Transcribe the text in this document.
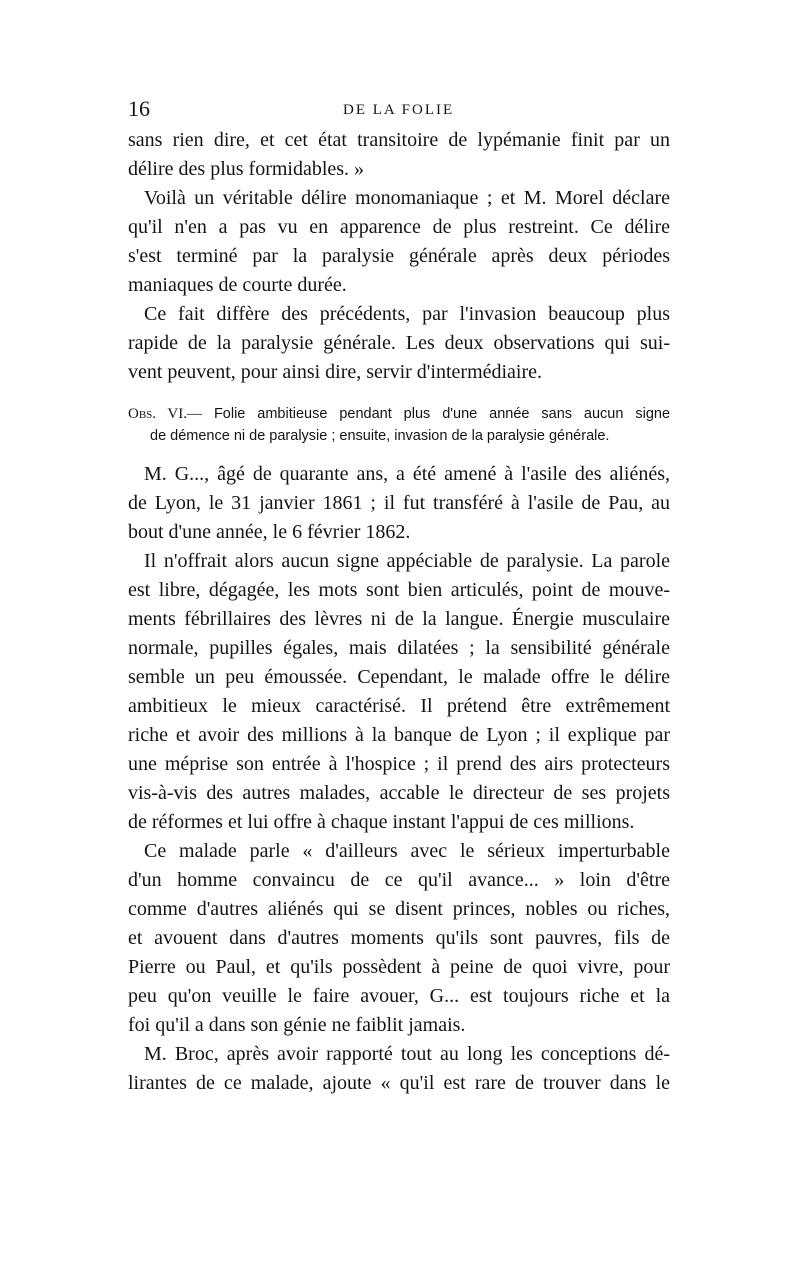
16	DE LA FOLIE
sans rien dire, et cet état transitoire de lypémanie finit par un
délire des plus formidables. »
Voilà un véritable délire monomaniaque ; et M. Morel déclare
qu'il n'en a pas vu en apparence de plus restreint. Ce délire
s'est terminé par la paralysie générale après deux périodes
maniaques de courte durée.
Ce fait diffère des précédents, par l'invasion beaucoup plus
rapide de la paralysie générale. Les deux observations qui sui-
vent peuvent, pour ainsi dire, servir d'intermédiaire.
Obs. VI.— Folie ambitieuse pendant plus d'une année sans aucun signe
de démence ni de paralysie ; ensuite, invasion de la paralysie générale.
M. G..., âgé de quarante ans, a été amené à l'asile des aliénés,
de Lyon, le 31 janvier 1861 ; il fut transféré à l'asile de Pau, au
bout d'une année, le 6 février 1862.
Il n'offrait alors aucun signe appéciable de paralysie. La parole
est libre, dégagée, les mots sont bien articulés, point de mouve-
ments fébrillaires des lèvres ni de la langue. Énergie musculaire
normale, pupilles égales, mais dilatées ; la sensibilité générale
semble un peu émoussée. Cependant, le malade offre le délire
ambitieux le mieux caractérisé. Il prétend être extrêmement
riche et avoir des millions à la banque de Lyon ; il explique par
une méprise son entrée à l'hospice ; il prend des airs protecteurs
vis-à-vis des autres malades, accable le directeur de ses projets
de réformes et lui offre à chaque instant l'appui de ces millions.
Ce malade parle « d'ailleurs avec le sérieux imperturbable
d'un homme convaincu de ce qu'il avance... » loin d'être
comme d'autres aliénés qui se disent princes, nobles ou riches,
et avouent dans d'autres moments qu'ils sont pauvres, fils de
Pierre ou Paul, et qu'ils possèdent à peine de quoi vivre, pour
peu qu'on veuille le faire avouer, G... est toujours riche et la
foi qu'il a dans son génie ne faiblit jamais.
M. Broc, après avoir rapporté tout au long les conceptions dé-
lirantes de ce malade, ajoute « qu'il est rare de trouver dans le
